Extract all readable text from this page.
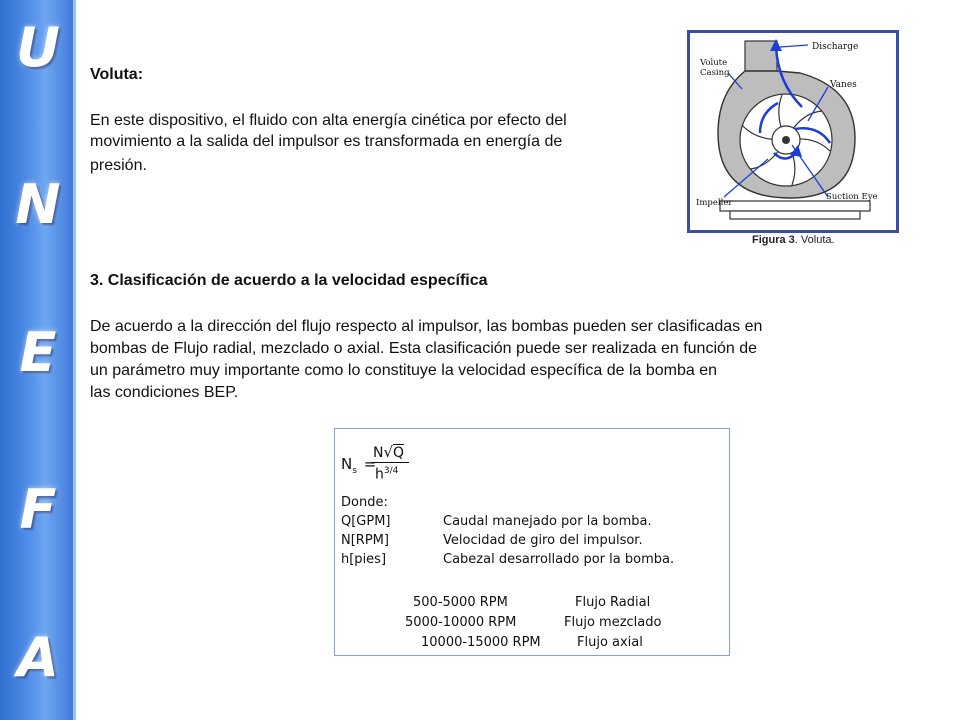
U
N
E
F
A
Voluta:
En este dispositivo, el fluido con alta energía cinética por efecto del
movimiento a la salida del impulsor es transformada en energía de
presión.
Discharge
Volute
Casing
Vanes
Suction Eye
Impeller
Figura 3. Voluta.
3. Clasificación de acuerdo a la velocidad específica
De acuerdo a la dirección del flujo respecto al impulsor, las bombas pueden ser clasificadas en
bombas de Flujo radial, mezclado o axial. Esta clasificación puede ser realizada en función de
un parámetro muy importante como lo constituye la velocidad específica de la bomba en
las condiciones BEP.
$N_s$ =
N√Q
$h^{3/4}$
Donde:
Q[GPM]	Caudal manejado por la bomba.
N[RPM]	Velocidad de giro del impulsor.
h[pies]	Cabezal desarrollado por la bomba.
500-5000 RPM	Flujo Radial
5000-10000 RPM	Flujo mezclado
10000-15000 RPM	Flujo axial
